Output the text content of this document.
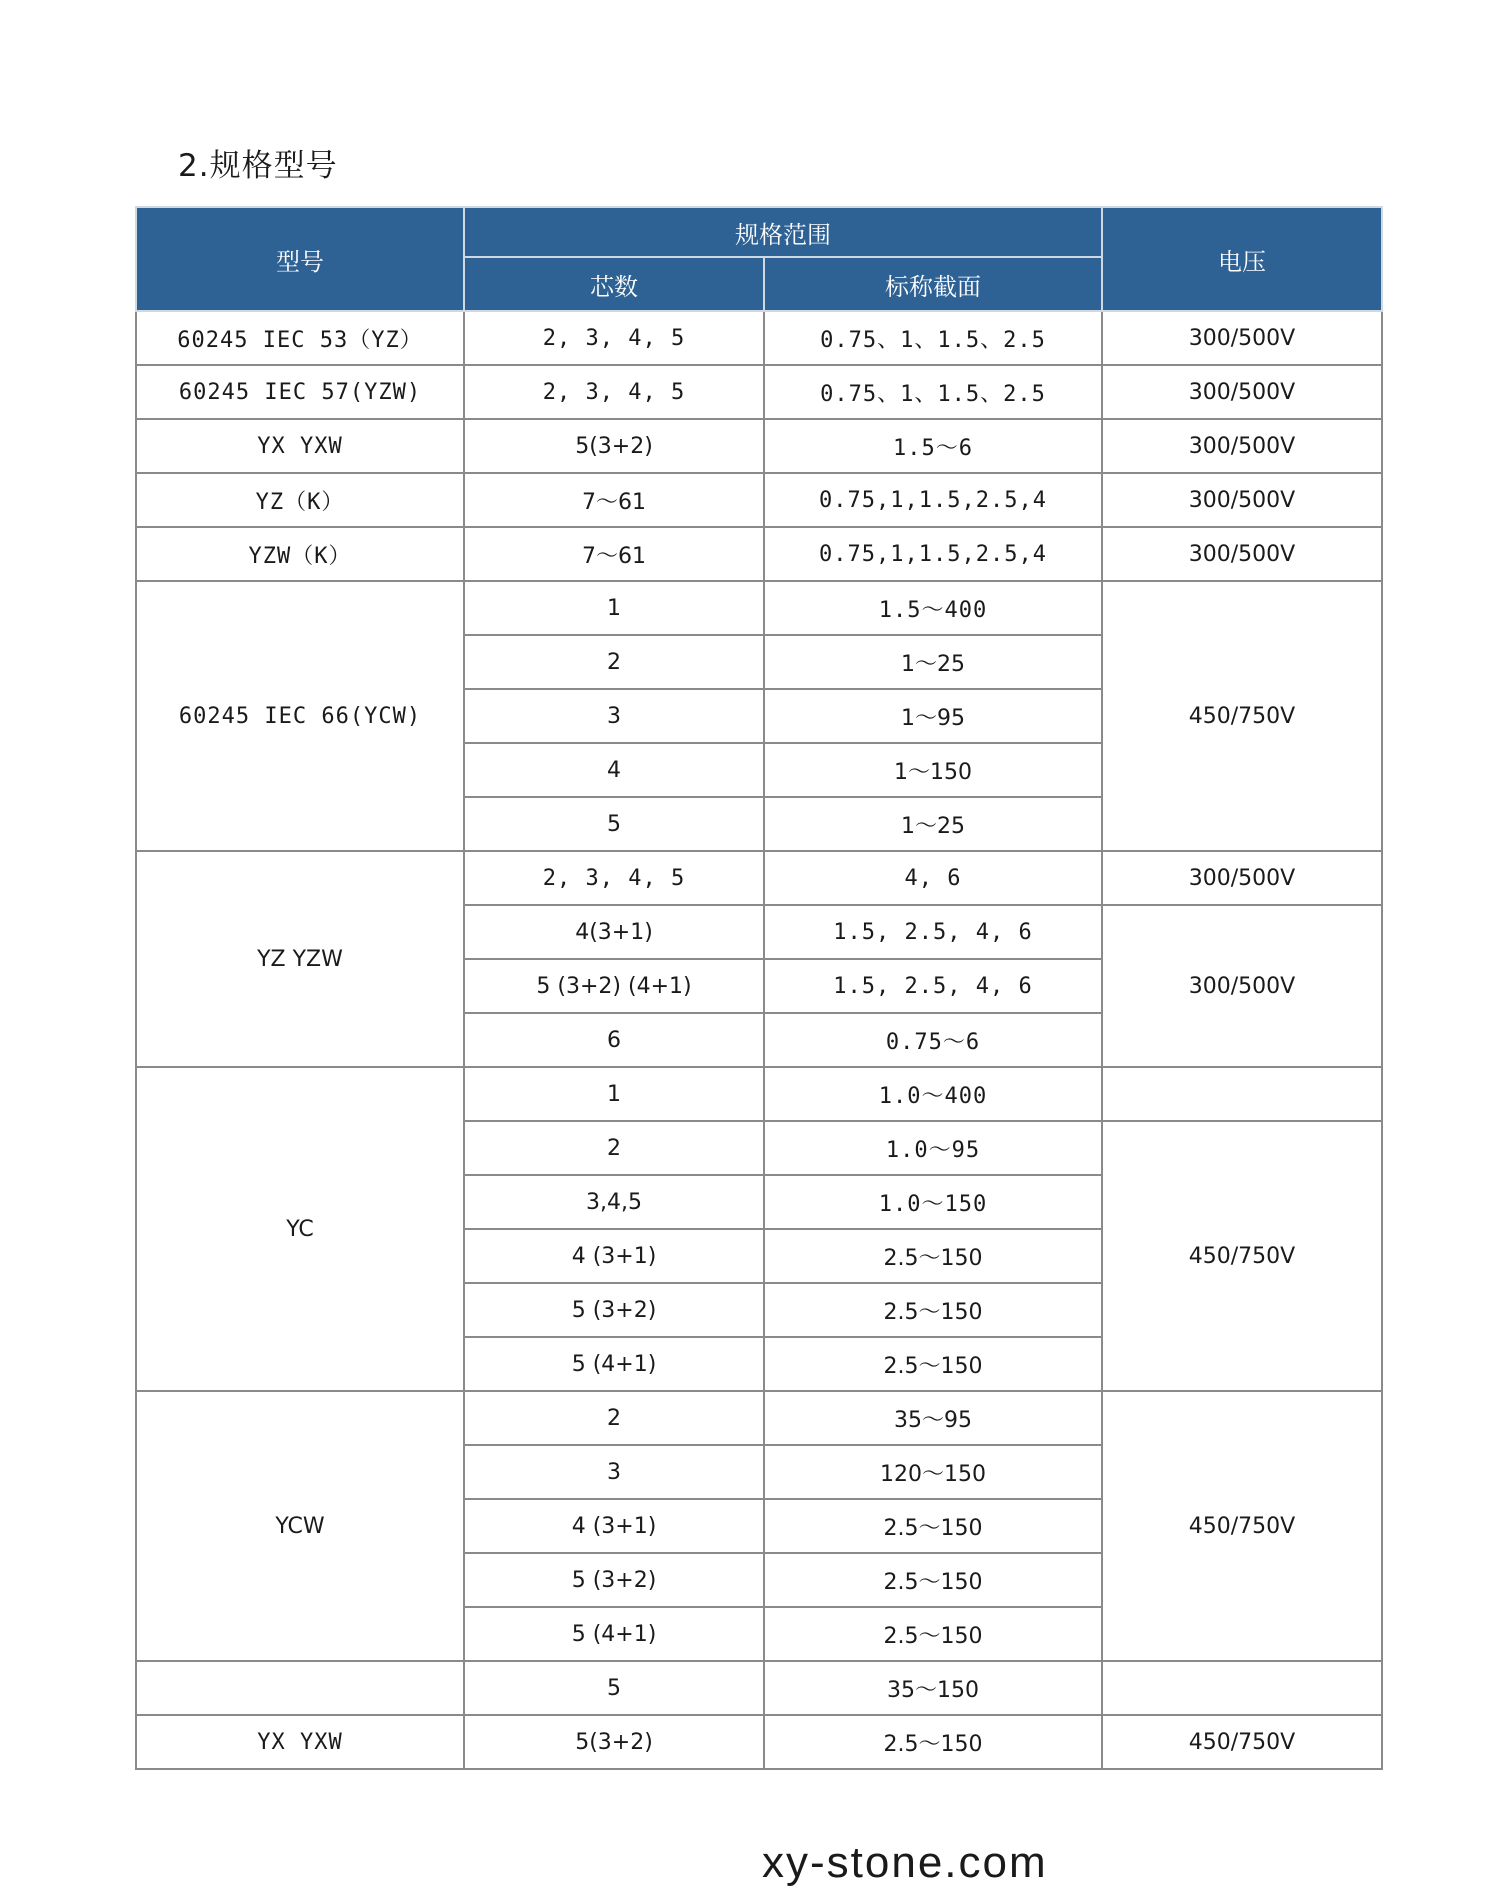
2.规格型号
型号	规格范围		电压
	芯数	标称截面	
60245 IEC 53（YZ）	2, 3, 4, 5	0.75、1、1.5、2.5	300/500V
60245 IEC 57(YZW)	2, 3, 4, 5	0.75、1、1.5、2.5	300/500V
YX YXW	5(3+2)	1.5～6	300/500V
YZ（K）	7～61	0.75,1,1.5,2.5,4	300/500V
YZW（K）	7～61	0.75,1,1.5,2.5,4	300/500V
60245 IEC 66(YCW)	1	1.5～400	450/750V
	2	1～25	
	3	1～95	
	4	1～150	
	5	1～25	
YZ YZW	2, 3, 4, 5	4, 6	300/500V
	4(3+1)	1.5, 2.5, 4, 6	300/500V
	5 (3+2) (4+1)	1.5, 2.5, 4, 6	
	6	0.75～6	
YC	1	1.0～400	
	2	1.0～95	450/750V
	3,4,5	1.0～150	
	4 (3+1)	2.5～150	
	5 (3+2)	2.5～150	
	5 (4+1)	2.5～150	
YCW	2	35～95	450/750V
	3	120～150	
	4 (3+1)	2.5～150	
	5 (3+2)	2.5～150	
	5 (4+1)	2.5～150	
	5	35～150	
YX YXW	5(3+2)	2.5～150	450/750V
xy-stone.com
